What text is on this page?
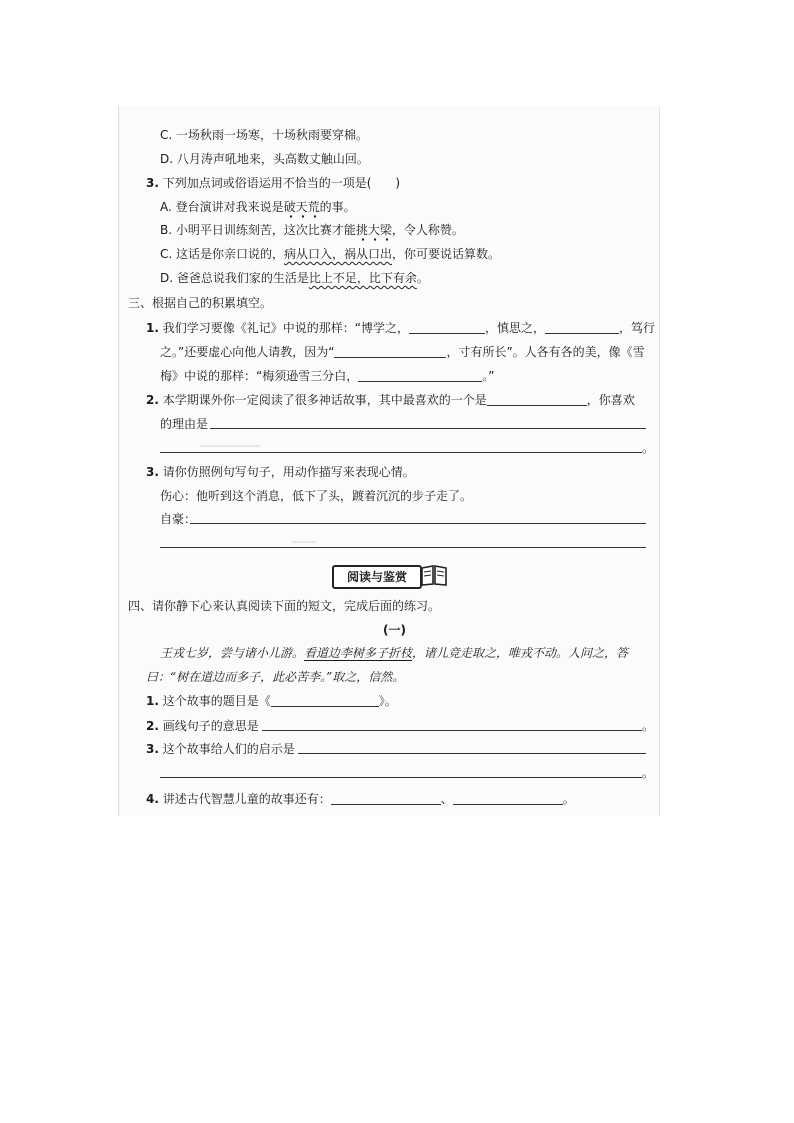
C. 一场秋雨一场寒，十场秋雨要穿棉。
D. 八月涛声吼地来，头高数丈触山回。
3. 下列加点词或俗语运用不恰当的一项是(　　)
A. 登台演讲对我来说是破天荒的事。
B. 小明平日训练刻苦，这次比赛才能挑大梁，令人称赞。
C. 这话是你亲口说的，病从口入，祸从口出，你可要说话算数。
D. 爸爸总说我们家的生活是比上不足，比下有余。
三、根据自己的积累填空。
1. 我们学习要像《礼记》中说的那样：“博学之，	，慎思之，	，笃行
之。”还要虚心向他人请教，因为“	，寸有所长”。人各有各的美，像《雪
梅》中说的那样：“梅须逊雪三分白，	。”
2. 本学期课外你一定阅读了很多神话故事，其中最喜欢的一个是	，你喜欢
的理由是
。
3. 请你仿照例句写句子，用动作描写来表现心情。
伤心：他听到这个消息，低下了头，踱着沉沉的步子走了。
自豪：
阅读与鉴赏
四、请你静下心来认真阅读下面的短文，完成后面的练习。
(一)
王戎七岁，尝与诸小儿游。看道边李树多子折枝，诸儿竞走取之，唯戎不动。人问之，答
曰：“树在道边而多子，此必苦李。”取之，信然。
1. 这个故事的题目是《	》。
2. 画线句子的意思是	。
3. 这个故事给人们的启示是
。
4. 讲述古代智慧儿童的故事还有：	、	。
